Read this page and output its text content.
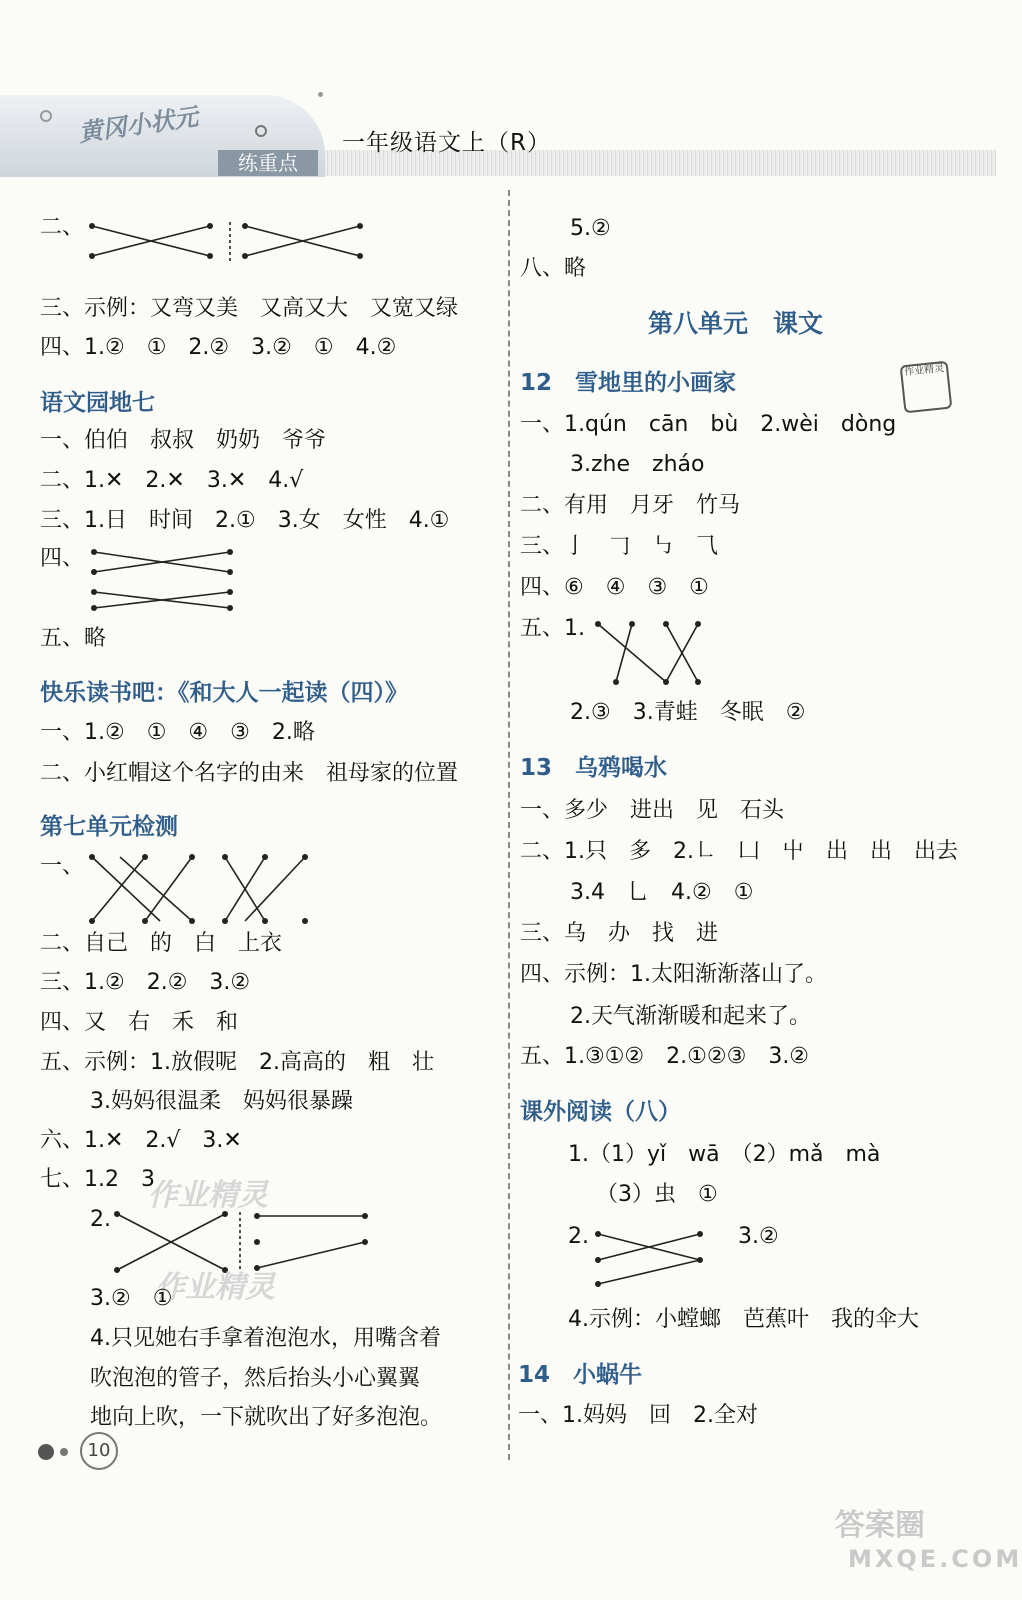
黄冈小状元
练重点
一年级语文上（R）
二、
三、示例：又弯又美　又高又大　又宽又绿
四、1.②　①　2.②　3.②　①　4.②
语文园地七
一、伯伯　叔叔　奶奶　爷爷
二、1.✕　2.✕　3.✕　4.√
三、1.日　时间　2.①　3.女　女性　4.①
四、
五、略
快乐读书吧：《和大人一起读（四）》
一、1.②　①　④　③　2.略
二、小红帽这个名字的由来　祖母家的位置
第七单元检测
一、
二、自己　的　白　上衣
三、1.②　2.②　3.②
四、又　右　禾　和
五、示例：1.放假呢　2.高高的　粗　壮
3.妈妈很温柔　妈妈很暴躁
六、1.✕　2.√　3.✕
七、1.2　3
2.
作业精灵
作业精灵
3.②　①
4.只见她右手拿着泡泡水，用嘴含着
吹泡泡的管子，然后抬头小心翼翼
地向上吹，一下就吹出了好多泡泡。
5.②
八、略
第八单元　课文
作业精灵
12　雪地里的小画家
一、1.qún　cān　bù　2.wèi　dòng
3.zhe　zháo
二、有用　月牙　竹马
三、亅　𠃌　㇉　⺄
四、⑥　④　③　①
五、1.
2.③　3.青蛙　冬眠　②
13　乌鸦喝水
一、多少　进出　见　石头
二、1.只　多　2.㇗　凵　屮　出　出　出去
3.4　乚　4.②　①
三、乌　办　找　进
四、示例：1.太阳渐渐落山了。
2.天气渐渐暖和起来了。
五、1.③①②　2.①②③　3.②
课外阅读（八）
1.（1）yǐ　wā　（2）mǎ　mà
（3）虫　①
2.	3.②
4.示例：小螳螂　芭蕉叶　我的伞大
14　小蜗牛
一、1.妈妈　回　2.全对
10
答案圈
MXQE.COM
